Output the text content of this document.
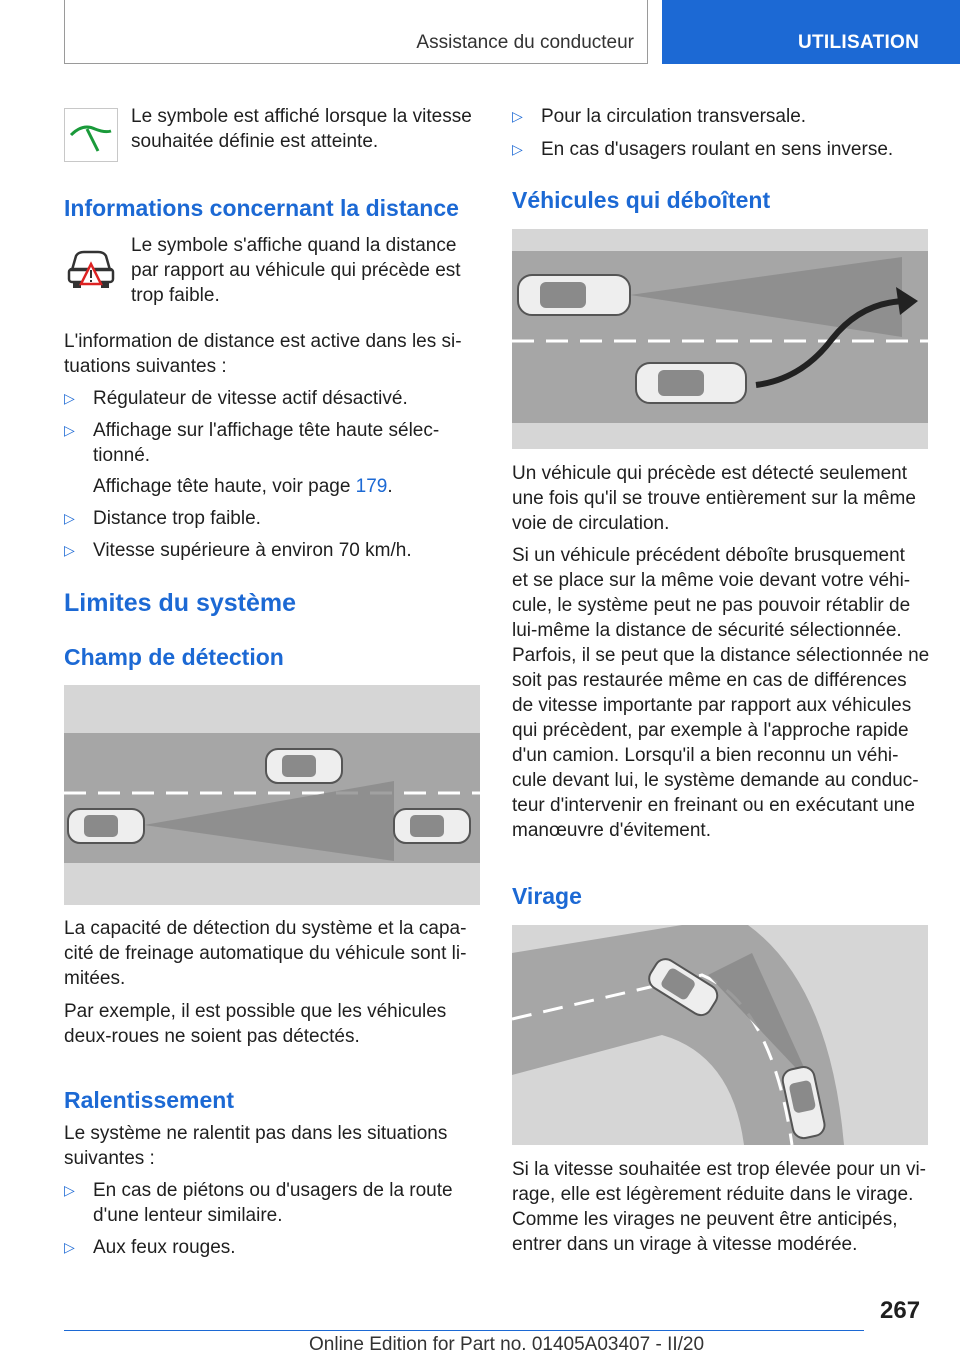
Assistance du conducteur	UTILISATION
Le symbole est affiché lorsque la vitesse
souhaitée définie est atteinte.
Informations concernant la distance
Le symbole s'affiche quand la distance
par rapport au véhicule qui précède est
trop faible.
L'information de distance est active dans les si-
tuations suivantes :
▷ Régulateur de vitesse actif désactivé.
▷ Affichage sur l'affichage tête haute sélec-
tionné.
Affichage tête haute, voir page 179.
▷ Distance trop faible.
▷ Vitesse supérieure à environ 70 km/h.
Limites du système
Champ de détection
La capacité de détection du système et la capa-
cité de freinage automatique du véhicule sont li-
mitées.
Par exemple, il est possible que les véhicules
deux-roues ne soient pas détectés.
Ralentissement
Le système ne ralentit pas dans les situations
suivantes :
▷ En cas de piétons ou d'usagers de la route
d'une lenteur similaire.
▷ Aux feux rouges.
▷ Pour la circulation transversale.
▷ En cas d'usagers roulant en sens inverse.
Véhicules qui déboîtent
Un véhicule qui précède est détecté seulement
une fois qu'il se trouve entièrement sur la même
voie de circulation.
Si un véhicule précédent déboîte brusquement
et se place sur la même voie devant votre véhi-
cule, le système peut ne pas pouvoir rétablir de
lui-même la distance de sécurité sélectionnée.
Parfois, il se peut que la distance sélectionnée ne
soit pas restaurée même en cas de différences
de vitesse importante par rapport aux véhicules
qui précèdent, par exemple à l'approche rapide
d'un camion. Lorsqu'il a bien reconnu un véhi-
cule devant lui, le système demande au conduc-
teur d'intervenir en freinant ou en exécutant une
manœuvre d'évitement.
Virage
Si la vitesse souhaitée est trop élevée pour un vi-
rage, elle est légèrement réduite dans le virage.
Comme les virages ne peuvent être anticipés,
entrer dans un virage à vitesse modérée.
267
Online Edition for Part no. 01405A03407 - II/20
